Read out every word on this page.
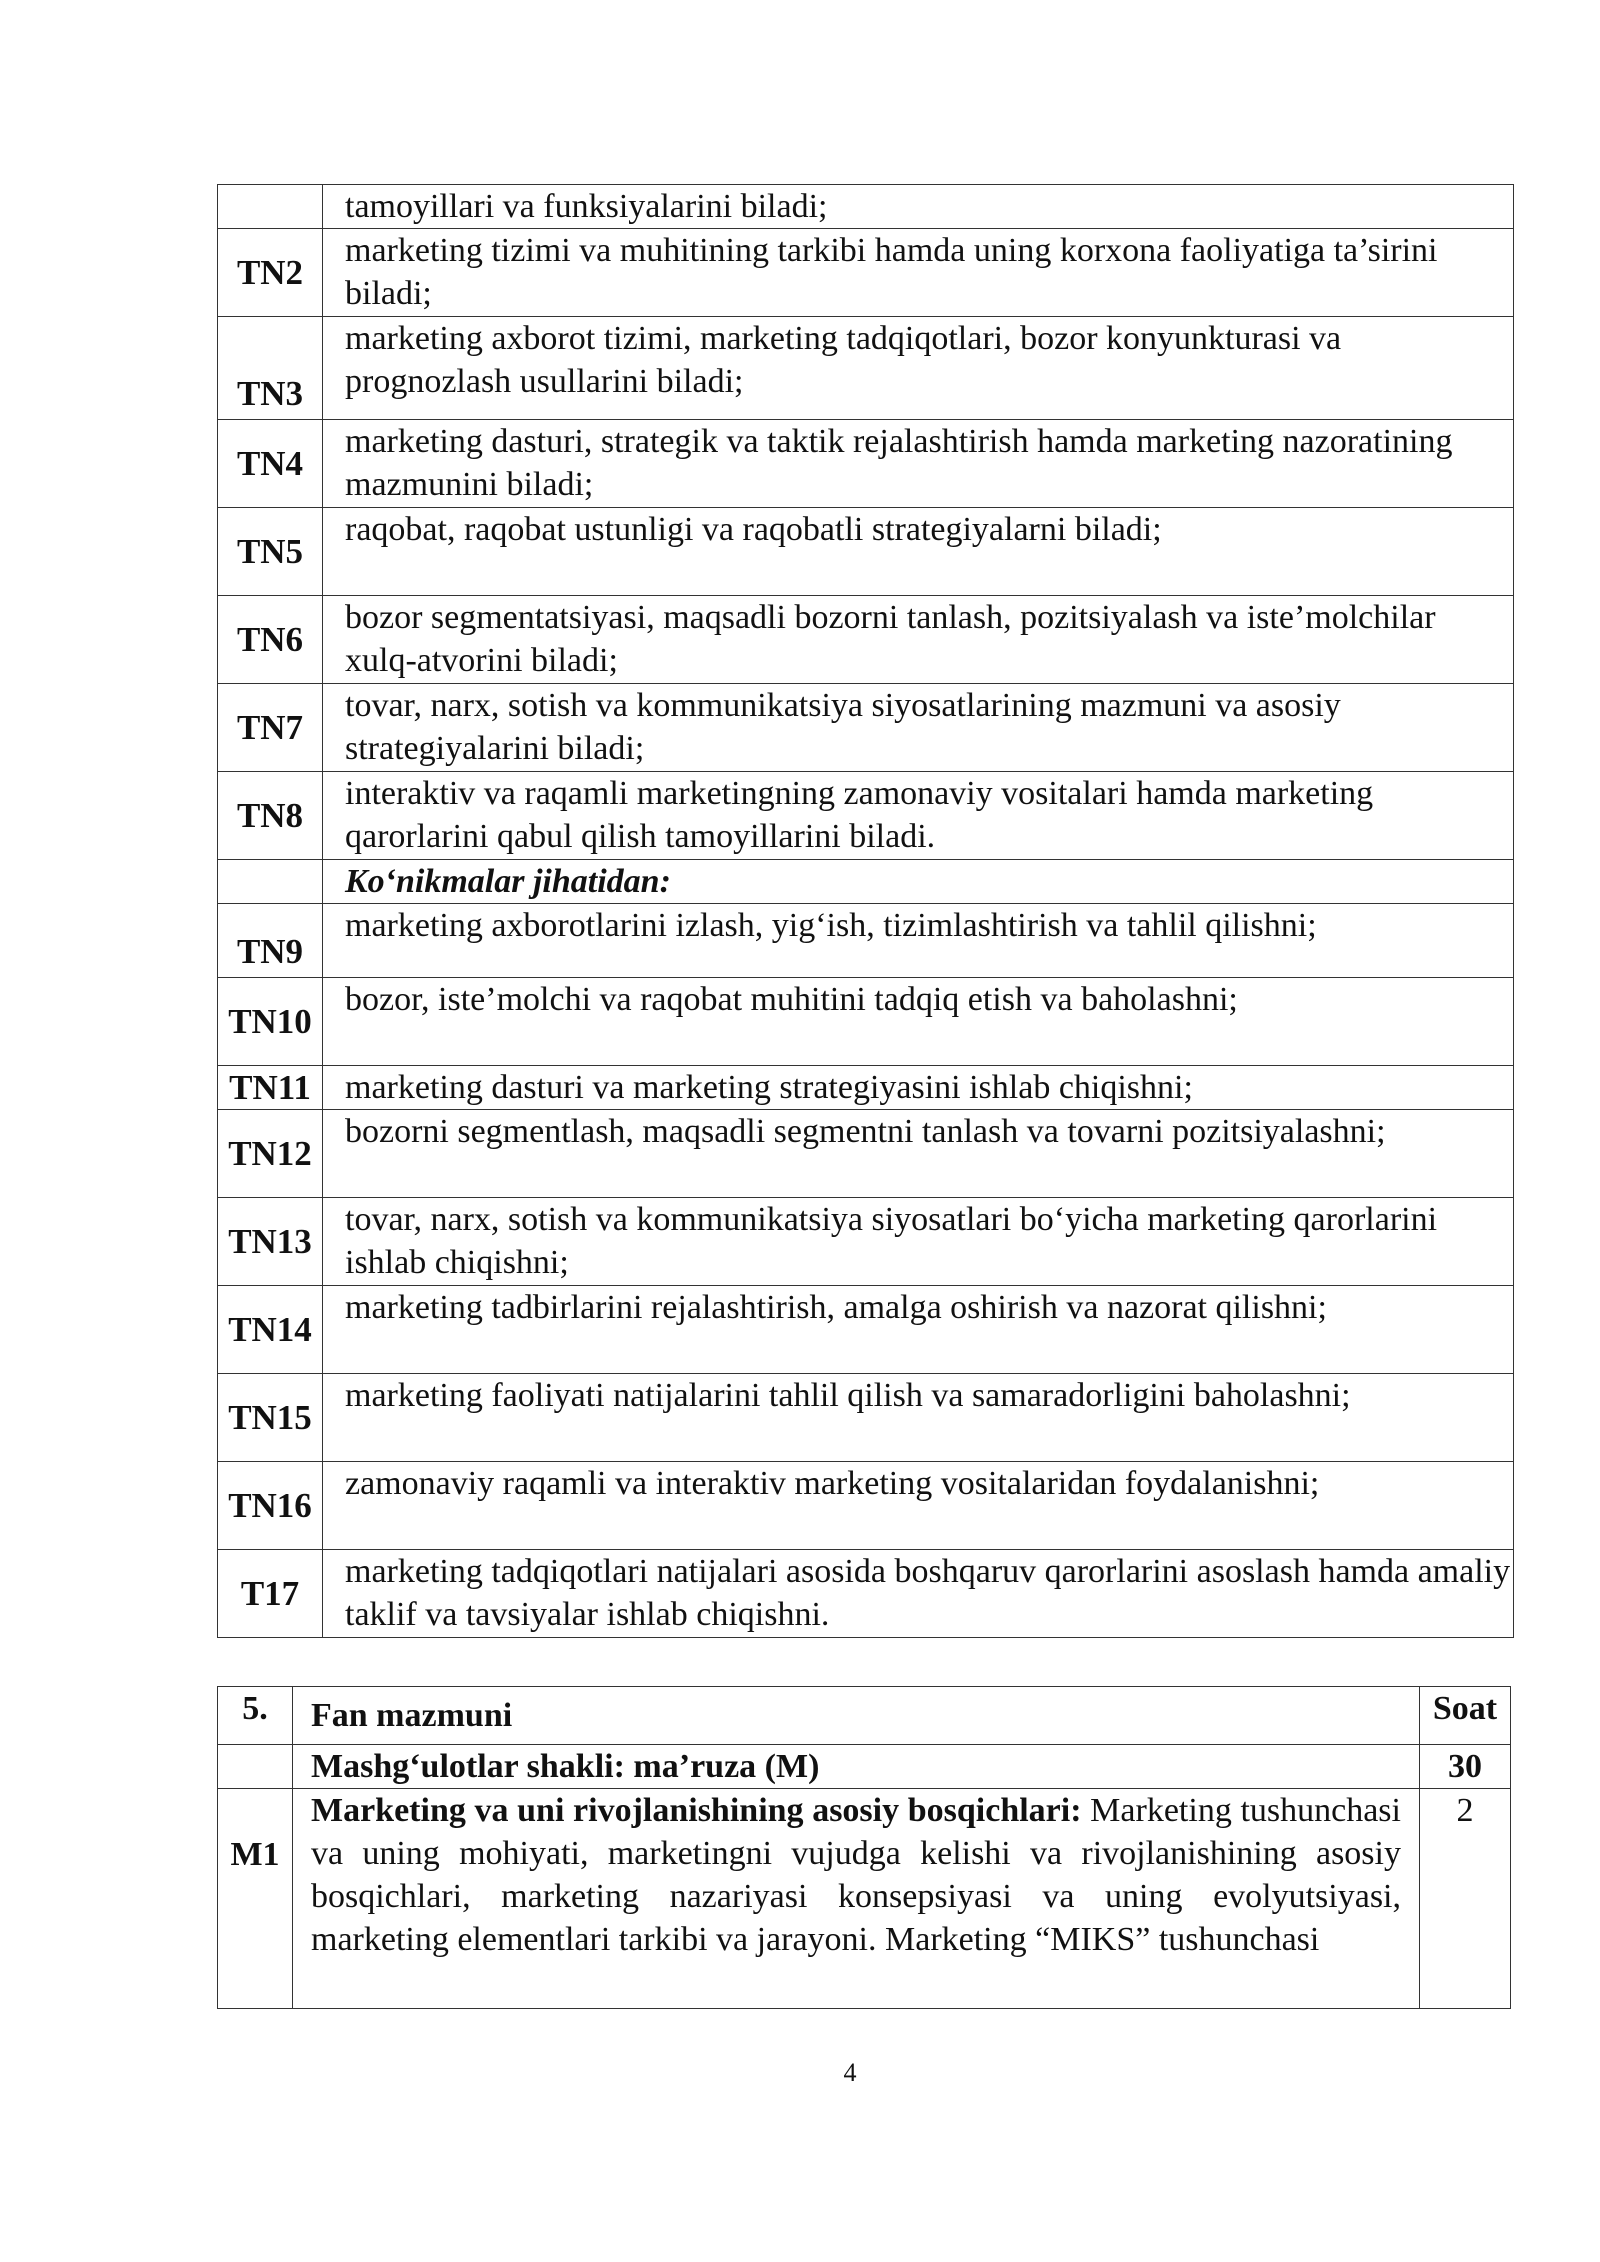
	tamoyillari va funksiyalarini biladi;
TN2	marketing tizimi va muhitining tarkibi hamda uning korxona faoliyatiga ta’sirini biladi;
TN3	marketing axborot tizimi, marketing tadqiqotlari, bozor konyunkturasi va prognozlash usullarini biladi;
TN4	marketing dasturi, strategik va taktik rejalashtirish hamda marketing nazoratining mazmunini biladi;
TN5	raqobat, raqobat ustunligi va raqobatli strategiyalarni biladi;
TN6	bozor segmentatsiyasi, maqsadli bozorni tanlash, pozitsiyalash va iste’molchilar xulq-atvorini biladi;
TN7	tovar, narx, sotish va kommunikatsiya siyosatlarining mazmuni va asosiy strategiyalarini biladi;
TN8	interaktiv va raqamli marketingning zamonaviy vositalari hamda marketing qarorlarini qabul qilish tamoyillarini biladi.
	Ko‘nikmalar jihatidan:
TN9	marketing axborotlarini izlash, yig‘ish, tizimlashtirish va tahlil qilishni;
TN10	bozor, iste’molchi va raqobat muhitini tadqiq etish va baholashni;
TN11	marketing dasturi va marketing strategiyasini ishlab chiqishni;
TN12	bozorni segmentlash, maqsadli segmentni tanlash va tovarni pozitsiyalashni;
TN13	tovar, narx, sotish va kommunikatsiya siyosatlari bo‘yicha marketing qarorlarini ishlab chiqishni;
TN14	marketing tadbirlarini rejalashtirish, amalga oshirish va nazorat qilishni;
TN15	marketing faoliyati natijalarini tahlil qilish va samaradorligini baholashni;
TN16	zamonaviy raqamli va interaktiv marketing vositalaridan foydalanishni;
T17	marketing tadqiqotlari natijalari asosida boshqaruv qarorlarini asoslash hamda amaliy taklif va tavsiyalar ishlab chiqishni.
5.	Fan mazmuni	Soat
	Mashg‘ulotlar shakli: ma’ruza (M)	30
M1	Marketing va uni rivojlanishining asosiy bosqichlari: Marketing tushunchasi va uning mohiyati, marketingni vujudga kelishi va rivojlanishining asosiy bosqichlari, marketing nazariyasi konsepsiyasi va uning evolyutsiyasi, marketing elementlari tarkibi va jarayoni. Marketing “MIKS” tushunchasi	2
4
